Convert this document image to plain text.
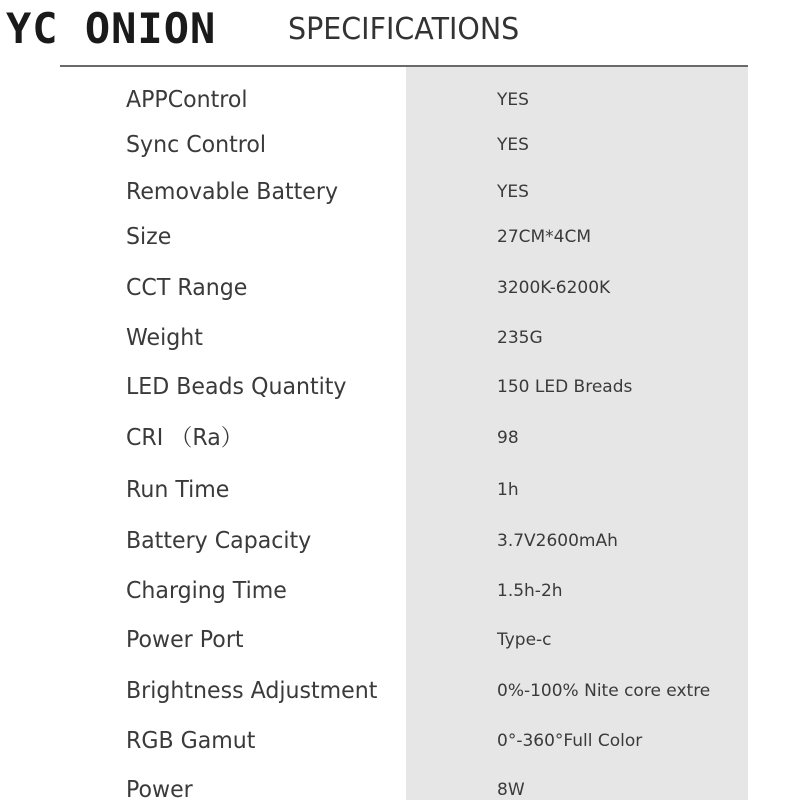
YC ONION SPECIFICATIONS
APPControl	YES
Sync Control	YES
Removable Battery	YES
Size	27CM*4CM
CCT Range	3200K-6200K
Weight	235G
LED Beads Quantity	150 LED Breads
CRI （Ra）	98
Run Time	1h
Battery Capacity	3.7V2600mAh
Charging Time	1.5h-2h
Power Port	Type-c
Brightness Adjustment	0%-100% Nite core extre
RGB Gamut	0°-360°Full Color
Power	8W
